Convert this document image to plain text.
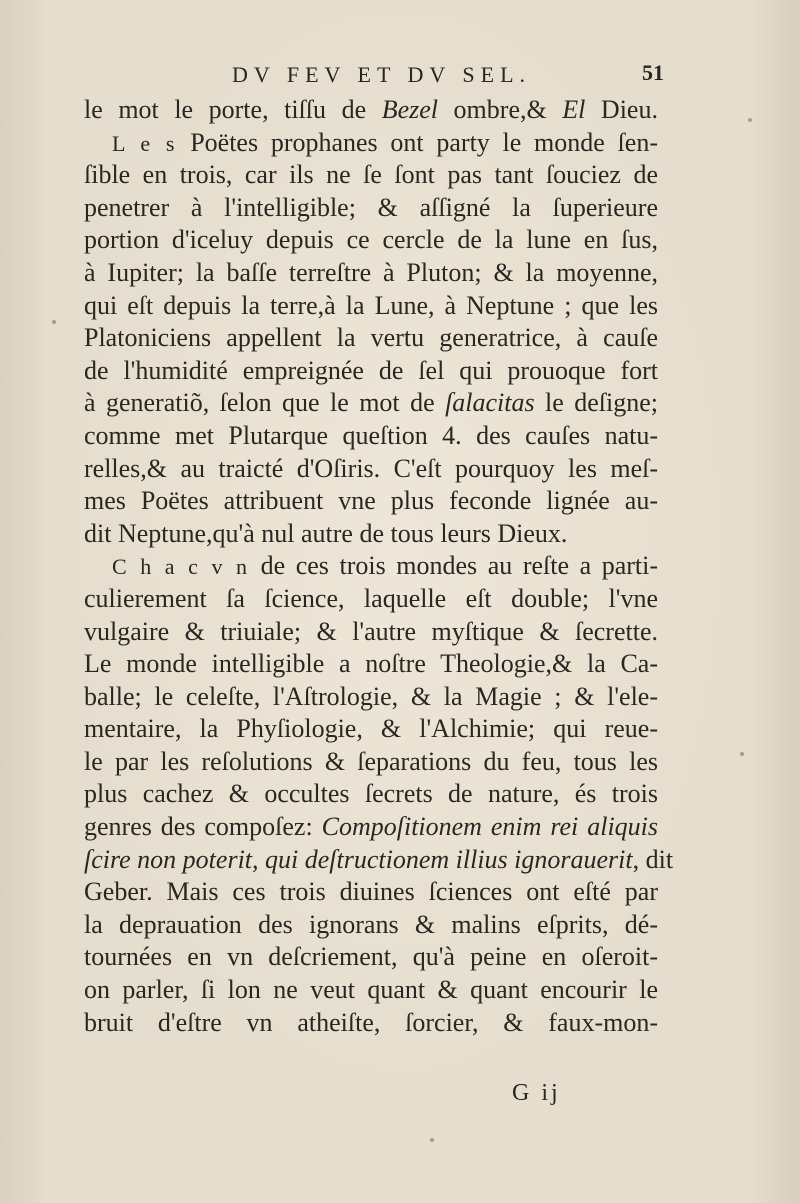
DV FEV ET DV SEL.	51
le mot le porte, tiſſu de Bezel ombre,& El Dieu.
L e s Poëtes prophanes ont party le monde ſen-
ſible en trois, car ils ne ſe ſont pas tant ſouciez de
penetrer à l'intelligible; & aſſigné la ſuperieure
portion d'iceluy depuis ce cercle de la lune en ſus,
à Iupiter; la baſſe terreſtre à Pluton; & la moyenne,
qui eſt depuis la terre,à la Lune, à Neptune ; que les
Platoniciens appellent la vertu generatrice, à cauſe
de l'humidité empreignée de ſel qui prouoque fort
à generatiõ, ſelon que le mot de ſalacitas le deſigne;
comme met Plutarque queſtion 4. des cauſes natu-
relles,& au traicté d'Oſiris. C'eſt pourquoy les meſ-
mes Poëtes attribuent vne plus feconde lignée au-
dit Neptune,qu'à nul autre de tous leurs Dieux.
C h a c v n de ces trois mondes au reſte a parti-
culierement ſa ſcience, laquelle eſt double; l'vne
vulgaire & triuiale; & l'autre myſtique & ſecrette.
Le monde intelligible a noſtre Theologie,& la Ca-
balle; le celeſte, l'Aſtrologie, & la Magie ; & l'ele-
mentaire, la Phyſiologie, & l'Alchimie; qui reue-
le par les reſolutions & ſeparations du feu, tous les
plus cachez & occultes ſecrets de nature, és trois
genres des compoſez: Compoſitionem enim rei aliquis
ſcire non poterit, qui deſtructionem illius ignorauerit, dit
Geber. Mais ces trois diuines ſciences ont eſté par
la deprauation des ignorans & malins eſprits, dé-
tournées en vn deſcriement, qu'à peine en oſeroit-
on parler, ſi lon ne veut quant & quant encourir le
bruit d'eſtre vn atheiſte, ſorcier, & faux-mon-
G ij
